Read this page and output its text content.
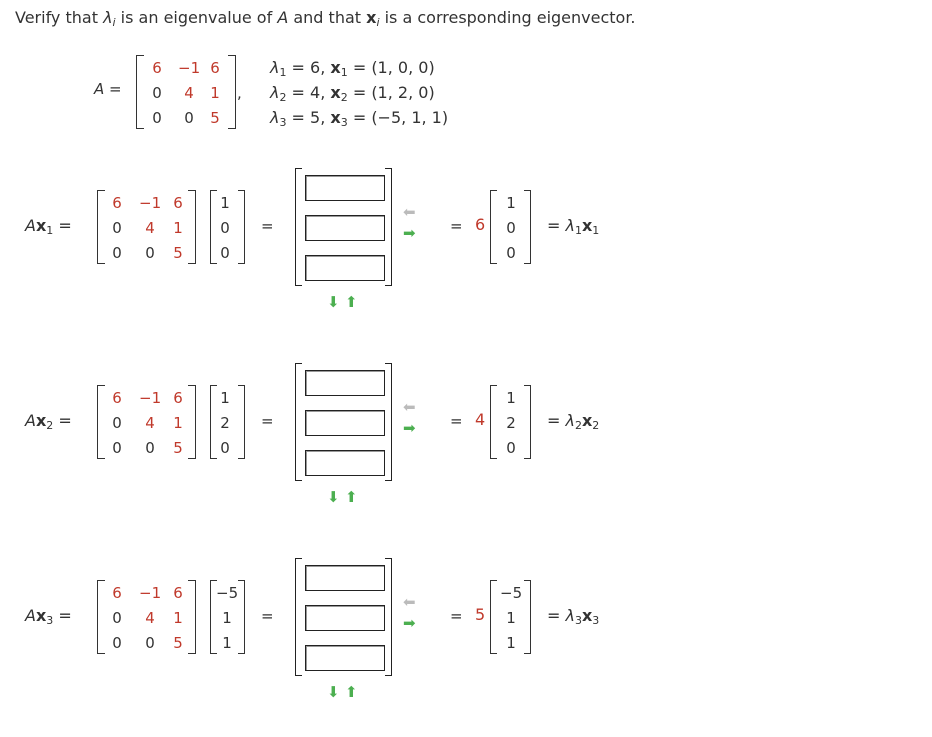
Verify that $\lambda_i$ is an eigenvalue of A and that $x_i$ is a corresponding eigenvector.
A =
6	−1 6
0	4	1
0	0	5
,
$\lambda_1 = 6$, $x_1 = (1$, 0, 0)
$\lambda_2 = 4$, $x_2 = (1$, 2, 0)
$\lambda_3 = 5$, $x_3 = (-5$, 1, 1)
$Ax_1$ =
6	−1 6
0	4	1
0	0	5
1
0
0
=
⬅
➡
⬇ ⬆
= 6
1
0
0
= $\lambda_1x_1$
$Ax_2$ =
6	−1 6
0	4	1
0	0	5
1
2
0
=
⬅
➡
⬇ ⬆
= 4
1
2
0
= $\lambda_2x_2$
$Ax_3$ =
6	−1 6
0	4	1
0	0	5
−5
1
1
=
⬅
➡
⬇ ⬆
= 5
−5
1
1
= $\lambda_3x_3$
